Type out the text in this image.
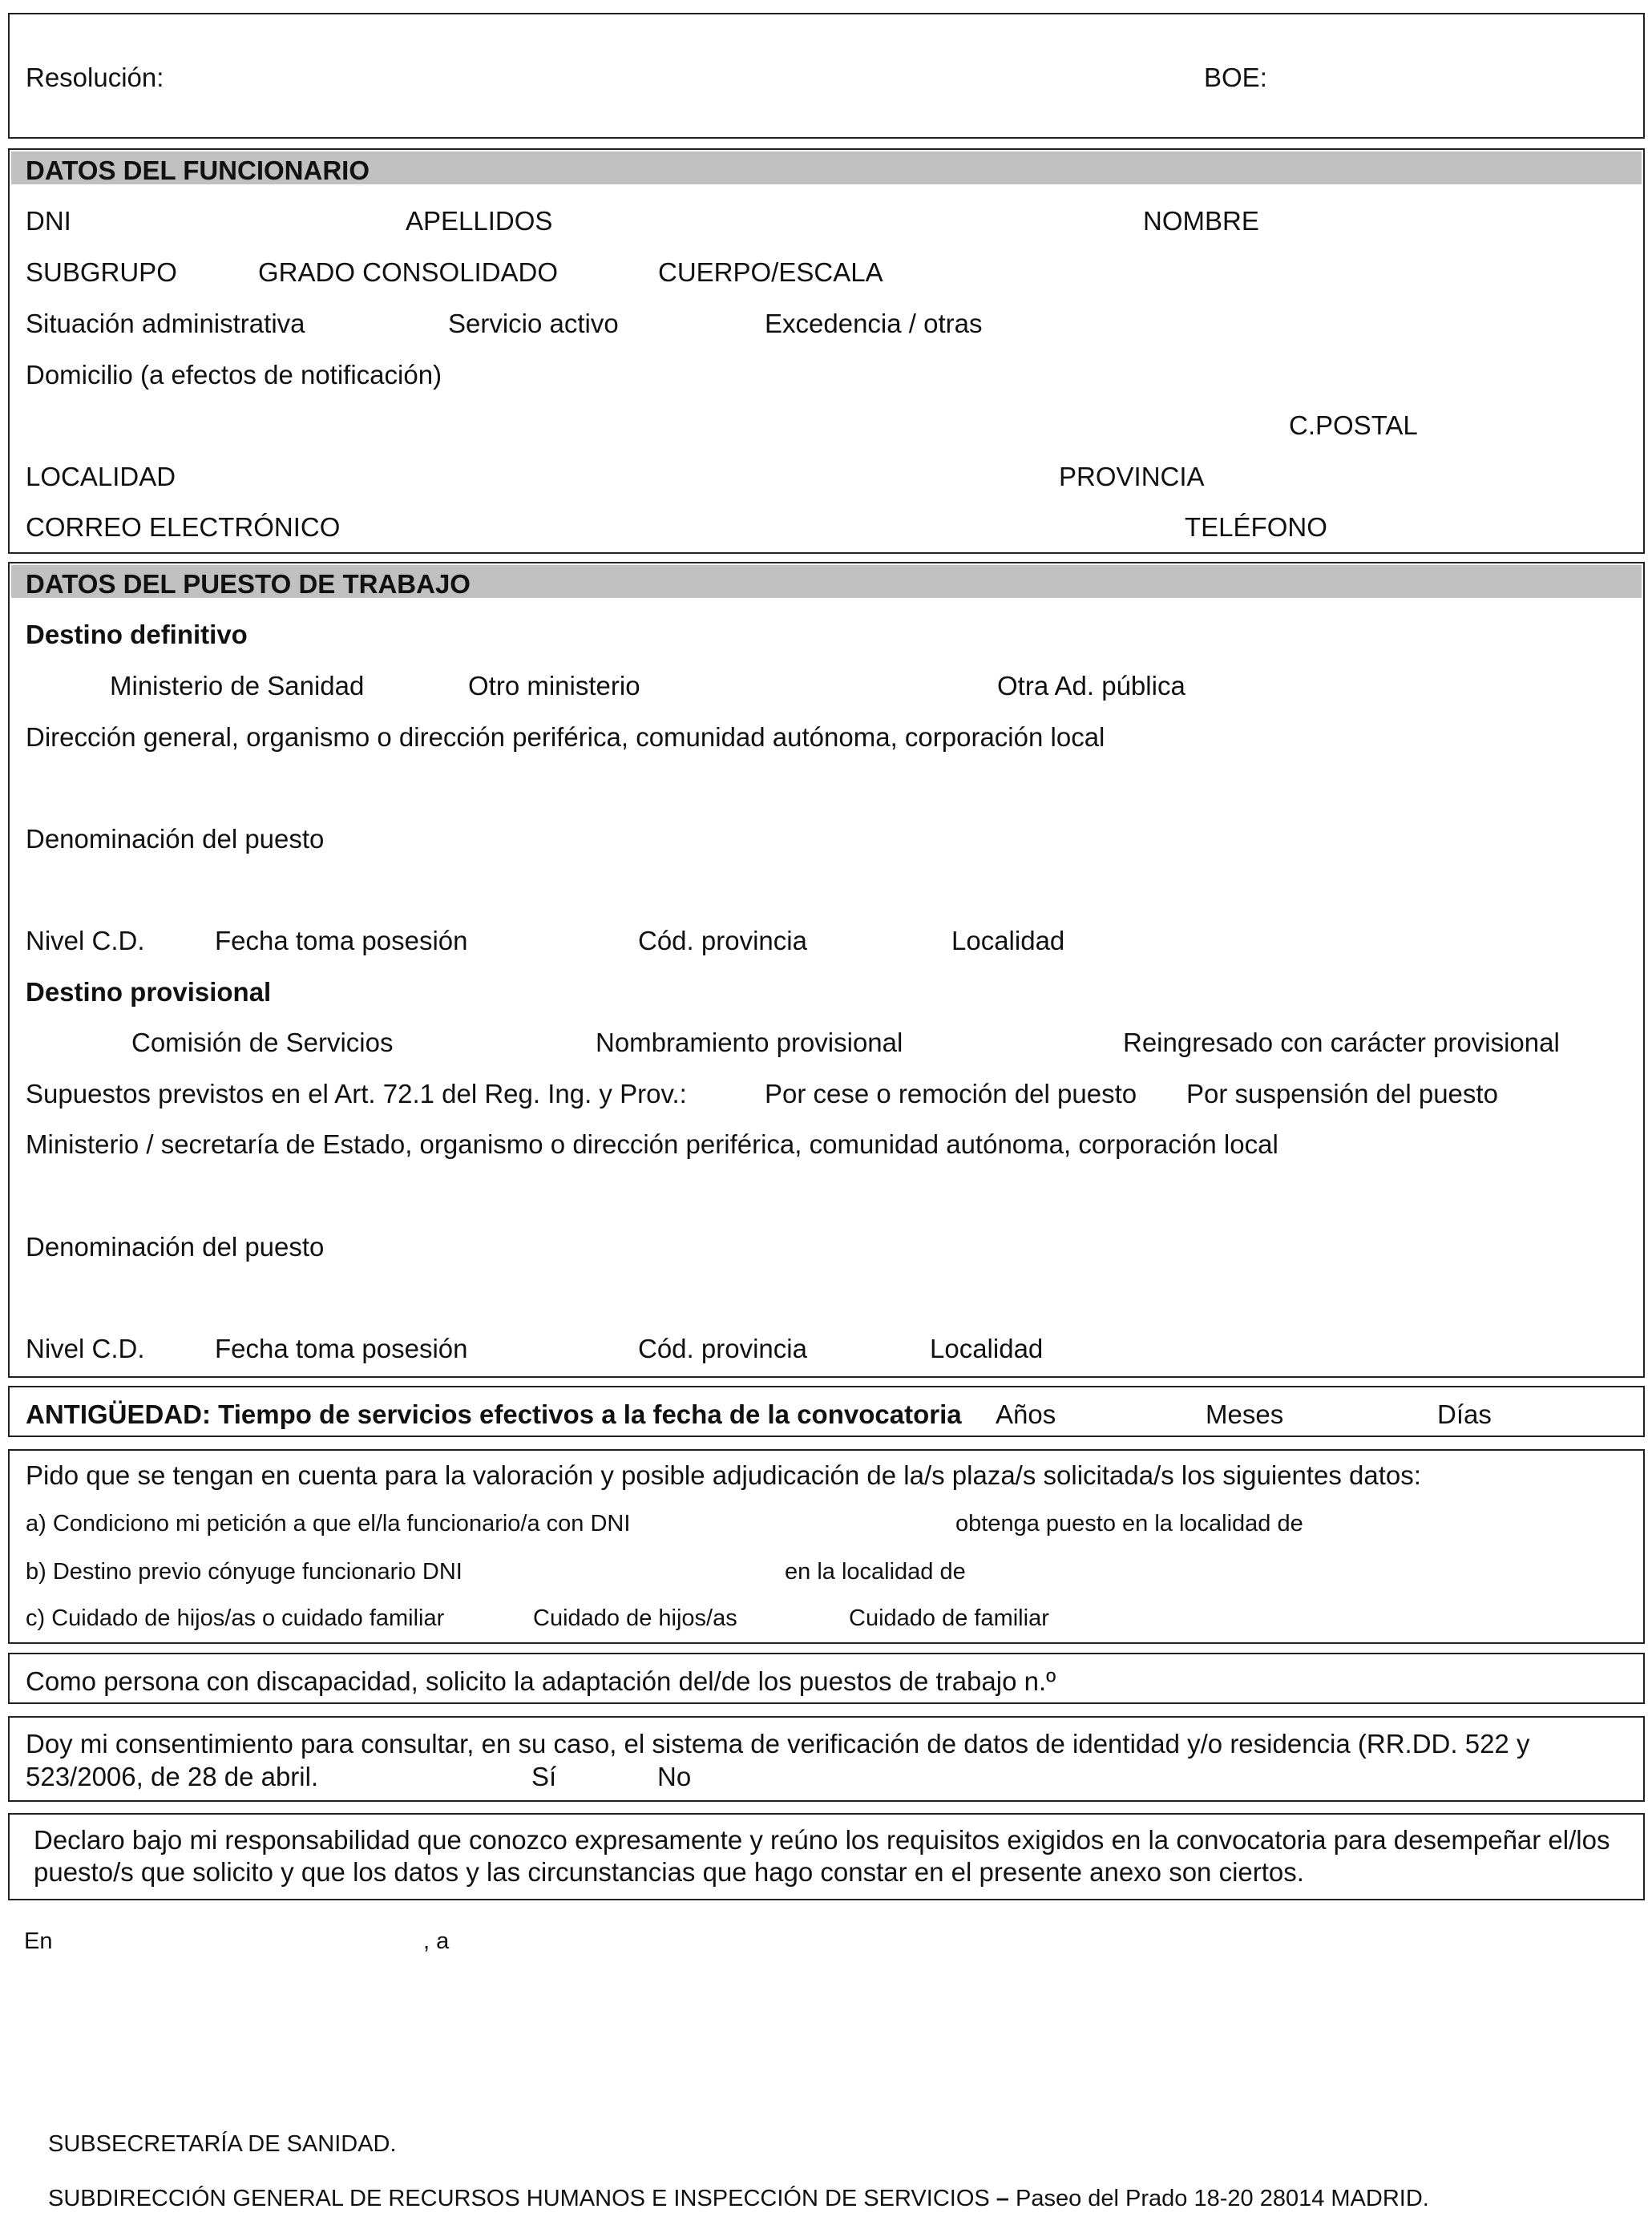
Resolución:	BOE:
DATOS DEL FUNCIONARIO
DNI	APELLIDOS	NOMBRE
SUBGRUPO	GRADO CONSOLIDADO	CUERPO/ESCALA
Situación administrativa	Servicio activo	Excedencia / otras
Domicilio (a efectos de notificación)
C.POSTAL
LOCALIDAD	PROVINCIA
CORREO ELECTRÓNICO	TELÉFONO
DATOS DEL PUESTO DE TRABAJO
Destino definitivo
Ministerio de Sanidad	Otro ministerio	Otra Ad. pública
Dirección general, organismo o dirección periférica, comunidad autónoma, corporación local
Denominación del puesto
Nivel C.D.	Fecha toma posesión	Cód. provincia	Localidad
Destino provisional
Comisión de Servicios	Nombramiento provisional	Reingresado con carácter provisional
Supuestos previstos en el Art. 72.1 del Reg. Ing. y Prov.:	Por cese o remoción del puesto Por suspensión del puesto
Ministerio / secretaría de Estado, organismo o dirección periférica, comunidad autónoma, corporación local
Denominación del puesto
Nivel C.D.	Fecha toma posesión	Cód. provincia	Localidad
ANTIGÜEDAD: Tiempo de servicios efectivos a la fecha de la convocatoria Años	Meses	Días
Pido que se tengan en cuenta para la valoración y posible adjudicación de la/s plaza/s solicitada/s los siguientes datos:
a) Condiciono mi petición a que el/la funcionario/a con DNI	obtenga puesto en la localidad de
b) Destino previo cónyuge funcionario DNI	en la localidad de
c) Cuidado de hijos/as o cuidado familiar	Cuidado de hijos/as	Cuidado de familiar
Como persona con discapacidad, solicito la adaptación del/de los puestos de trabajo n.º
Doy mi consentimiento para consultar, en su caso, el sistema de verificación de datos de identidad y/o residencia (RR.DD. 522 y
523/2006, de 28 de abril.	Sí	No
Declaro bajo mi responsabilidad que conozco expresamente y reúno los requisitos exigidos en la convocatoria para desempeñar el/los puesto/s que solicito y que los datos y las circunstancias que hago constar en el presente anexo son ciertos.
En	, a
SUBSECRETARÍA DE SANIDAD.
SUBDIRECCIÓN GENERAL DE RECURSOS HUMANOS E INSPECCIÓN DE SERVICIOS – Paseo del Prado 18-20 28014 MADRID.
